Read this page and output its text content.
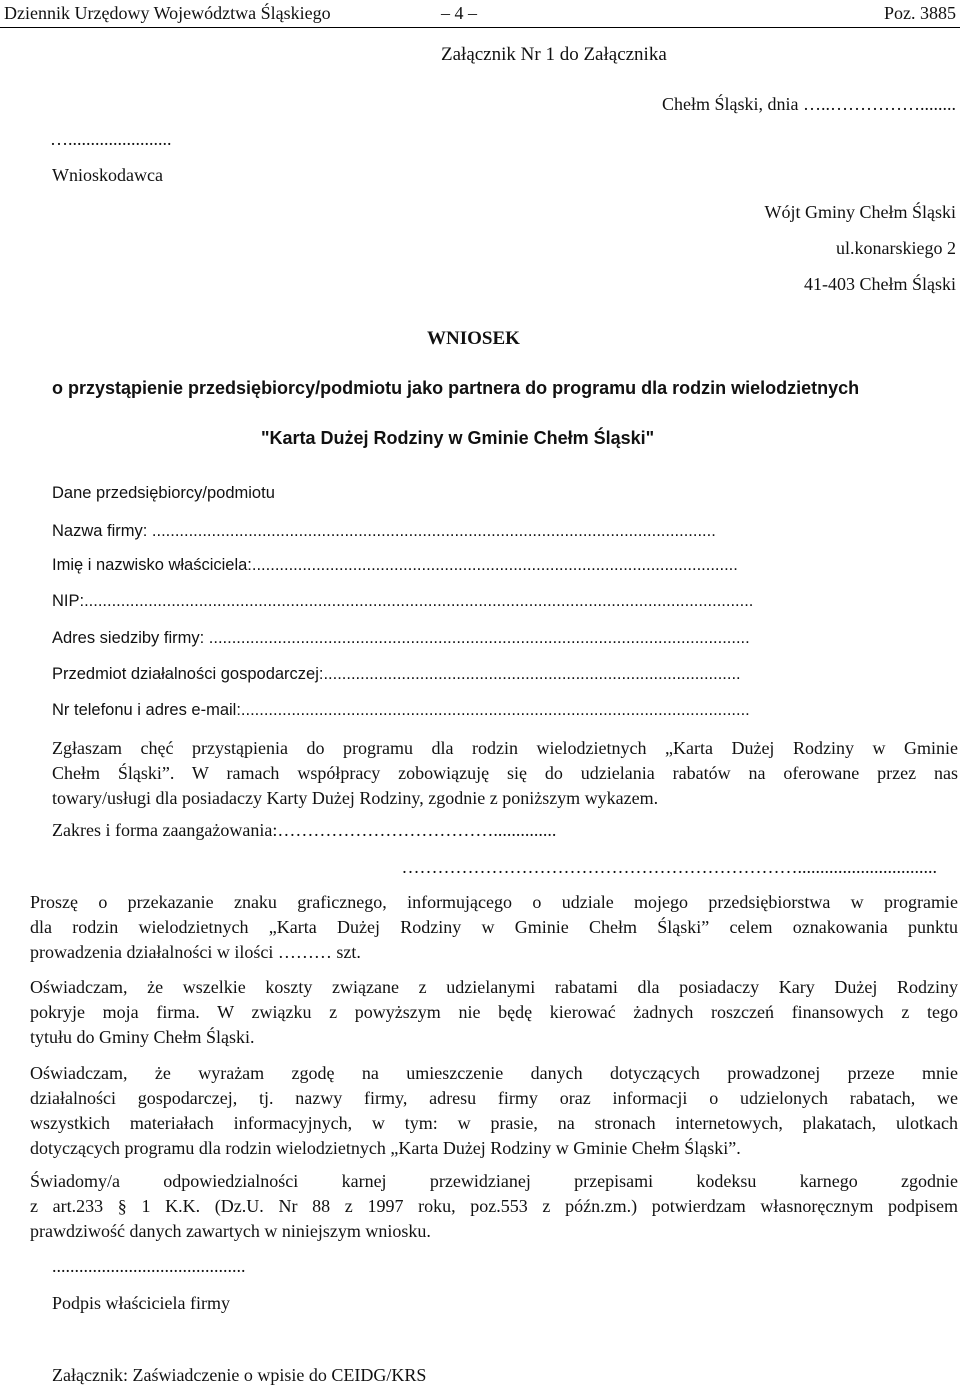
Dziennik Urzędowy Województwa Śląskiego	– 4 –	Poz. 3885
Załącznik Nr 1 do Załącznika
Chełm Śląski, dnia …..……………........
….......................
Wnioskodawca
Wójt Gminy Chełm Śląski
ul.konarskiego 2
41-403 Chełm Śląski
WNIOSEK
o przystąpienie przedsiębiorcy/podmiotu jako partnera do programu dla rodzin wielodzietnych
"Karta Dużej Rodziny w Gminie Chełm Śląski"
Dane przedsiębiorcy/podmiotu
Nazwa firmy: ...........................................................................................................................
Imię i nazwisko właściciela:..........................................................................................................
NIP:..................................................................................................................................................
Adres siedziby firmy: ......................................................................................................................
Przedmiot działalności gospodarczej:...........................................................................................
Nr telefonu i adres e-mail:...............................................................................................................
Zgłaszam chęć przystąpienia do programu dla rodzin wielodzietnych „Karta Dużej Rodziny w Gminie
Chełm Śląski”. W ramach współpracy zobowiązuję się do udzielania rabatów na oferowane przez nas
towary/usługi dla posiadaczy Karty Dużej Rodziny, zgodnie z poniższym wykazem.
Zakres i forma zaangażowania:………………………………..............
…………………………………………………………...............................
Proszę o przekazanie znaku graficznego, informującego o udziale mojego przedsiębiorstwa w programie
dla rodzin wielodzietnych „Karta Dużej Rodziny w Gminie Chełm Śląski” celem oznakowania punktu
prowadzenia działalności w ilości ……… szt.
Oświadczam, że wszelkie koszty związane z udzielanymi rabatami dla posiadaczy Kary Dużej Rodziny
pokryje moja firma. W związku z powyższym nie będę kierować żadnych roszczeń finansowych z tego
tytułu do Gminy Chełm Śląski.
Oświadczam, że wyrażam zgodę na umieszczenie danych dotyczących prowadzonej przeze mnie
działalności gospodarczej, tj. nazwy firmy, adresu firmy oraz informacji o udzielonych rabatach, we
wszystkich materiałach informacyjnych, w tym: w prasie, na stronach internetowych, plakatach, ulotkach
dotyczących programu dla rodzin wielodzietnych „Karta Dużej Rodziny w Gminie Chełm Śląski”.
Świadomy/a odpowiedzialności karnej przewidzianej przepisami kodeksu karnego zgodnie
z art.233 § 1 K.K. (Dz.U. Nr 88 z 1997 roku, poz.553 z późn.zm.) potwierdzam własnoręcznym podpisem
prawdziwość danych zawartych w niniejszym wniosku.
...........................................
Podpis właściciela firmy
Załącznik: Zaświadczenie o wpisie do CEIDG/KRS
